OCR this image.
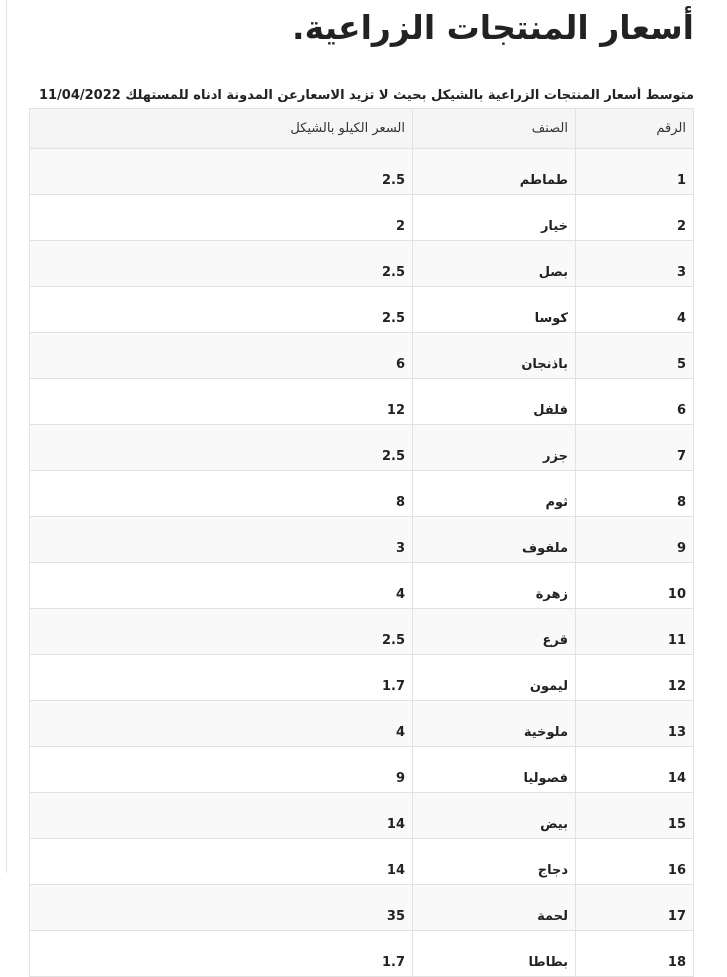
أسعار المنتجات الزراعية.
متوسط أسعار المنتجات الزراعية بالشيكل بحيث لا تزيد الاسعارعن المدونة ادناه للمستهلك 11/04/2022
الرقم	الصنف	السعر الكيلو بالشيكل
1	طماطم	2.5
2	خيار	2
3	بصل	2.5
4	كوسا	2.5
5	باذنجان	6
6	فلفل	12
7	جزر	2.5
8	ثوم	8
9	ملفوف	3
10	زهرة	4
11	قرع	2.5
12	ليمون	1.7
13	ملوخية	4
14	فصوليا	9
15	بيض	14
16	دجاج	14
17	لحمة	35
18	بطاطا	1.7
